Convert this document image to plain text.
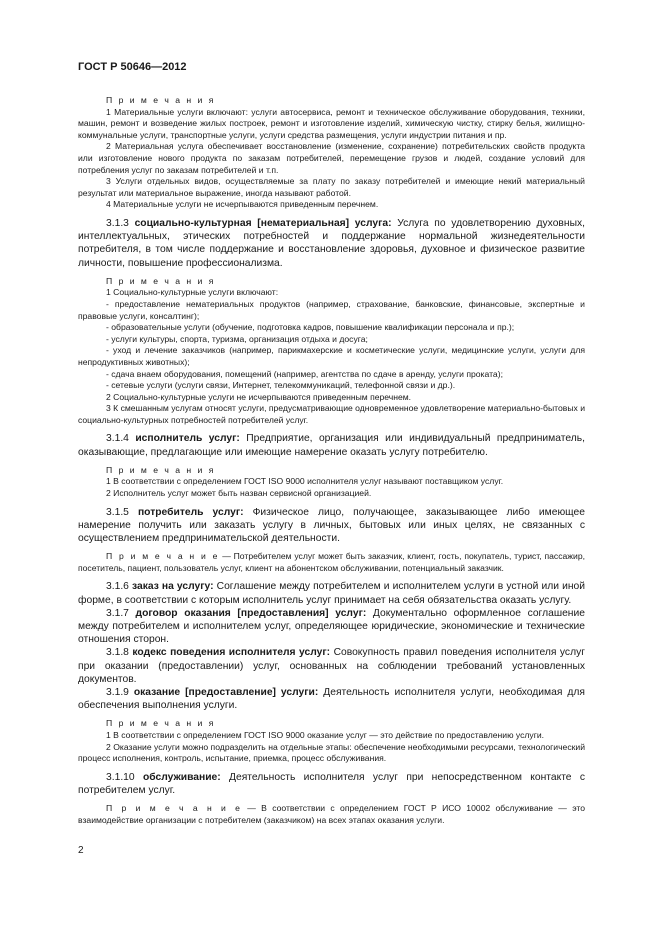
ГОСТ Р 50646—2012

П р и м е ч а н и я

1 Материальные услуги включают: услуги автосервиса, ремонт и техническое обслуживание оборудования, техники, машин, ремонт и возведение жилых построек, ремонт и изготовление изделий, химическую чистку, стирку белья, жилищно-коммунальные услуги, транспортные услуги, услуги средства размещения, услуги индустрии питания и пр.

2 Материальная услуга обеспечивает восстановление (изменение, сохранение) потребительских свойств продукта или изготовление нового продукта по заказам потребителей, перемещение грузов и людей, создание условий для потребления услуг по заказам потребителей и т.п.

3 Услуги отдельных видов, осуществляемые за плату по заказу потребителей и имеющие некий материальный результат или материальное выражение, иногда называют работой.

4 Материальные услуги не исчерпываются приведенным перечнем.

3.1.3 социально-культурная [нематериальная] услуга: Услуга по удовлетворению духовных, интеллектуальных, этических потребностей и поддержание нормальной жизнедеятельности потребителя, в том числе поддержание и восстановление здоровья, духовное и физическое развитие личности, повышение профессионализма.

П р и м е ч а н и я

1 Социально-культурные услуги включают:

- предоставление нематериальных продуктов (например, страхование, банковские, финансовые, экспертные и правовые услуги, консалтинг);

- образовательные услуги (обучение, подготовка кадров, повышение квалификации персонала и пр.);

- услуги культуры, спорта, туризма, организация отдыха и досуга;

- уход и лечение заказчиков (например, парикмахерские и косметические услуги, медицинские услуги, услуги для непродуктивных животных);

- сдача внаем оборудования, помещений (например, агентства по сдаче в аренду, услуги проката);

- сетевые услуги (услуги связи, Интернет, телекоммуникаций, телефонной связи и др.).

2 Социально-культурные услуги не исчерпываются приведенным перечнем.

3 К смешанным услугам относят услуги, предусматривающие одновременное удовлетворение материально-бытовых и социально-культурных потребностей потребителей услуг.

3.1.4 исполнитель услуг: Предприятие, организация или индивидуальный предприниматель, оказывающие, предлагающие или имеющие намерение оказать услугу потребителю.

П р и м е ч а н и я

1 В соответствии с определением ГОСТ ISO 9000 исполнителя услуг называют поставщиком услуг.

2 Исполнитель услуг может быть назван сервисной организацией.

3.1.5 потребитель услуг: Физическое лицо, получающее, заказывающее либо имеющее намерение получить или заказать услугу в личных, бытовых или иных целях, не связанных с осуществлением предпринимательской деятельности.

П р и м е ч а н и е — Потребителем услуг может быть заказчик, клиент, гость, покупатель, турист, пассажир, посетитель, пациент, пользователь услуг, клиент на абонентском обслуживании, потенциальный заказчик.

3.1.6 заказ на услугу: Соглашение между потребителем и исполнителем услуги в устной или иной форме, в соответствии с которым исполнитель услуг принимает на себя обязательства оказать услугу.

3.1.7 договор оказания [предоставления] услуг: Документально оформленное соглашение между потребителем и исполнителем услуг, определяющее юридические, экономические и технические отношения сторон.

3.1.8 кодекс поведения исполнителя услуг: Совокупность правил поведения исполнителя услуг при оказании (предоставлении) услуг, основанных на соблюдении требований установленных документов.

3.1.9 оказание [предоставление] услуги: Деятельность исполнителя услуги, необходимая для обеспечения выполнения услуги.

П р и м е ч а н и я

1 В соответствии с определением ГОСТ ISO 9000 оказание услуг — это действие по предоставлению услуги.

2 Оказание услуги можно подразделить на отдельные этапы: обеспечение необходимыми ресурсами, технологический процесс исполнения, контроль, испытание, приемка, процесс обслуживания.

3.1.10 обслуживание: Деятельность исполнителя услуг при непосредственном контакте с потребителем услуг.

П р и м е ч а н и е — В соответствии с определением ГОСТ Р ИСО 10002 обслуживание — это взаимодействие организации с потребителем (заказчиком) на всех этапах оказания услуги.

2
